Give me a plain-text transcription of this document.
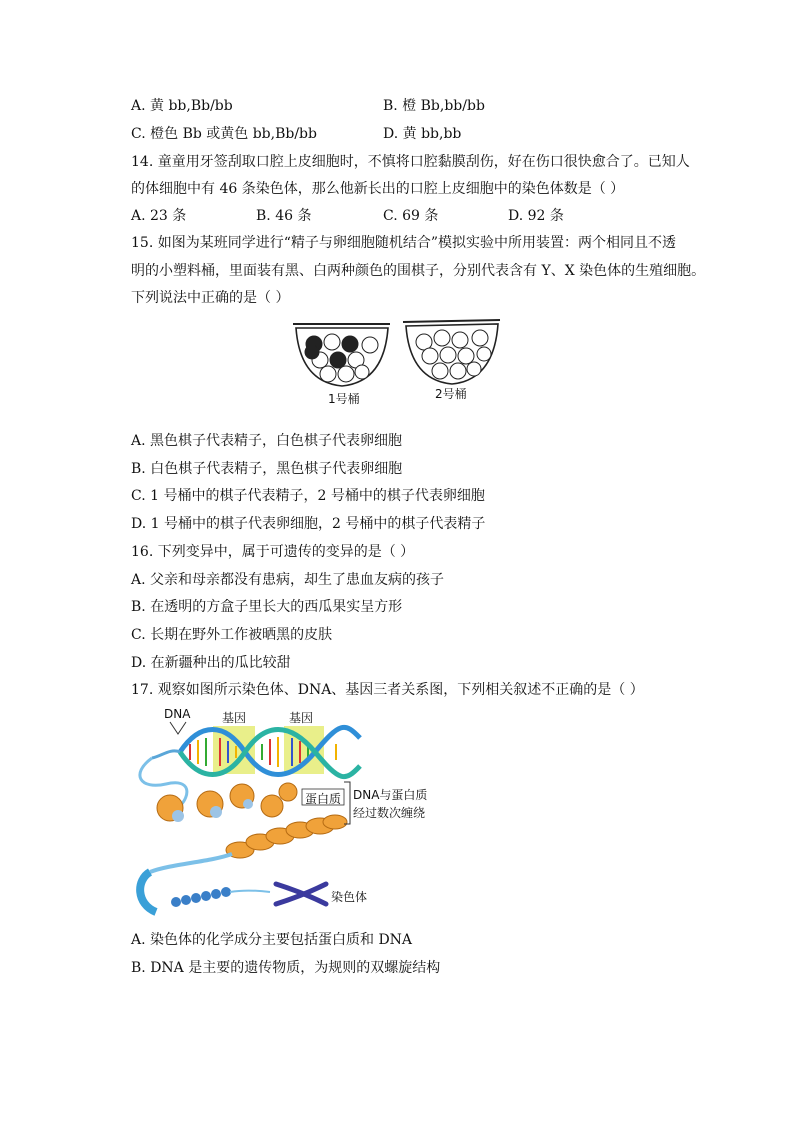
A. 黄 bb,Bb/bb	B. 橙 Bb,bb/bb
C. 橙色 Bb 或黄色 bb,Bb/bb	D. 黄 bb,bb
14. 童童用牙签刮取口腔上皮细胞时，不慎将口腔黏膜刮伤，好在伤口很快愈合了。已知人
的体细胞中有 46 条染色体，那么他新长出的口腔上皮细胞中的染色体数是（ ）
A. 23 条	B. 46 条	C. 69 条	D. 92 条
15. 如图为某班同学进行“精子与卵细胞随机结合”模拟实验中所用装置：两个相同且不透
明的小塑料桶，里面装有黑、白两种颜色的围棋子，分别代表含有 Y、X 染色体的生殖细胞。
下列说法中正确的是（ ）
1号桶	2号桶
A. 黑色棋子代表精子，白色棋子代表卵细胞
B. 白色棋子代表精子，黑色棋子代表卵细胞
C. 1 号桶中的棋子代表精子，2 号桶中的棋子代表卵细胞
D. 1 号桶中的棋子代表卵细胞，2 号桶中的棋子代表精子
16. 下列变异中，属于可遗传的变异的是（ ）
A. 父亲和母亲都没有患病，却生了患血友病的孩子
B. 在透明的方盒子里长大的西瓜果实呈方形
C. 长期在野外工作被晒黑的皮肤
D. 在新疆种出的瓜比较甜
17. 观察如图所示染色体、DNA、基因三者关系图，下列相关叙述不正确的是（ ）
DNA	基因	基因
蛋白质 DNA与蛋白质
经过数次缠绕
染色体
A. 染色体的化学成分主要包括蛋白质和 DNA
B. DNA 是主要的遗传物质，为规则的双螺旋结构
